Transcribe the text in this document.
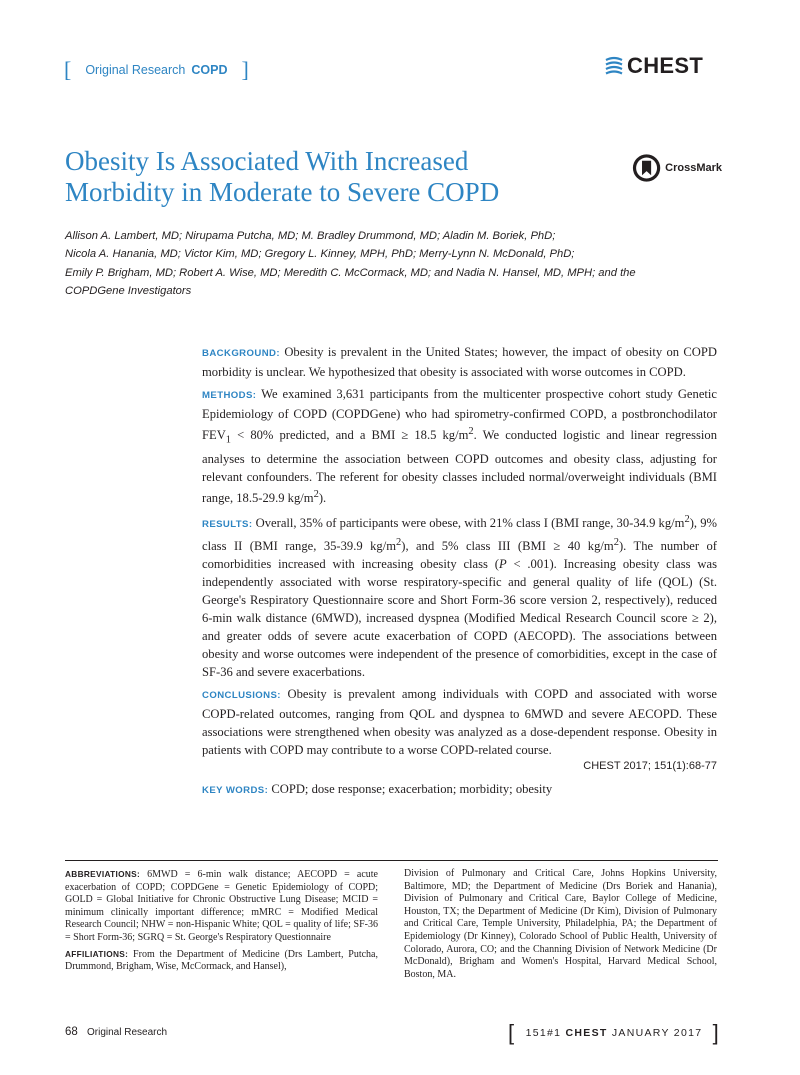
[ Original Research COPD ]	CHEST
Obesity Is Associated With Increased
Morbidity in Moderate to Severe COPD
CrossMark
Allison A. Lambert, MD; Nirupama Putcha, MD; M. Bradley Drummond, MD; Aladin M. Boriek, PhD;
Nicola A. Hanania, MD; Victor Kim, MD; Gregory L. Kinney, MPH, PhD; Merry-Lynn N. McDonald, PhD;
Emily P. Brigham, MD; Robert A. Wise, MD; Meredith C. McCormack, MD; and Nadia N. Hansel, MD, MPH; and the
COPDGene Investigators

BACKGROUND: Obesity is prevalent in the United States; however, the impact of obesity on COPD morbidity is unclear. We hypothesized that obesity is associated with worse outcomes in COPD.

METHODS: We examined 3,631 participants from the multicenter prospective cohort study Genetic Epidemiology of COPD (COPDGene) who had spirometry-confirmed COPD, a postbronchodilator $FEV_1 < 80\%$ predicted, and a BMI ≥ 18.5 $kg/m^2$. We conducted logistic and linear regression analyses to determine the association between COPD outcomes and obesity class, adjusting for relevant confounders. The referent for obesity classes included normal/overweight individuals (BMI range, 18.5-29.9 $kg/m^2$).

RESULTS: Overall, 35% of participants were obese, with 21% class I (BMI range, 30-34.9 $kg/m^2$), 9% class II (BMI range, 35-39.9 $kg/m^2$), and 5% class III (BMI ≥ 40 $kg/m^2$). The number of comorbidities increased with increasing obesity class (P < .001). Increasing obesity class was independently associated with worse respiratory-specific and general quality of life (QOL) (St. George's Respiratory Questionnaire score and Short Form-36 score version 2, respectively), reduced 6-min walk distance (6MWD), increased dyspnea (Modified Medical Research Council score ≥ 2), and greater odds of severe acute exacerbation of COPD (AECOPD). The associations between obesity and worse outcomes were independent of the presence of comorbidities, except in the case of SF-36 and severe exacerbations.

CONCLUSIONS: Obesity is prevalent among individuals with COPD and associated with worse COPD-related outcomes, ranging from QOL and dyspnea to 6MWD and severe AECOPD. These associations were strengthened when obesity was analyzed as a dose-dependent response. Obesity in patients with COPD may contribute to a worse COPD-related course.

CHEST 2017; 151(1):68-77
KEY WORDS: COPD; dose response; exacerbation; morbidity; obesity

ABBREVIATIONS: 6MWD = 6-min walk distance; AECOPD = acute exacerbation of COPD; COPDGene = Genetic Epidemiology of COPD; GOLD = Global Initiative for Chronic Obstructive Lung Disease; MCID = minimum clinically important difference; mMRC = Modified Medical Research Council; NHW = non-Hispanic White; QOL = quality of life; SF-36 = Short Form-36; SGRQ = St. George's Respiratory Questionnaire

AFFILIATIONS: From the Department of Medicine (Drs Lambert, Putcha, Drummond, Brigham, Wise, McCormack, and Hansel),

Division of Pulmonary and Critical Care, Johns Hopkins University, Baltimore, MD; the Department of Medicine (Drs Boriek and Hanania), Division of Pulmonary and Critical Care, Baylor College of Medicine, Houston, TX; the Department of Medicine (Dr Kim), Division of Pulmonary and Critical Care, Temple University, Philadelphia, PA; the Department of Epidemiology (Dr Kinney), Colorado School of Public Health, University of Colorado, Aurora, CO; and the Channing Division of Network Medicine (Dr McDonald), Brigham and Women's Hospital, Harvard Medical School, Boston, MA.
68 Original Research	[ 151#1 CHEST JANUARY 2017 ]
